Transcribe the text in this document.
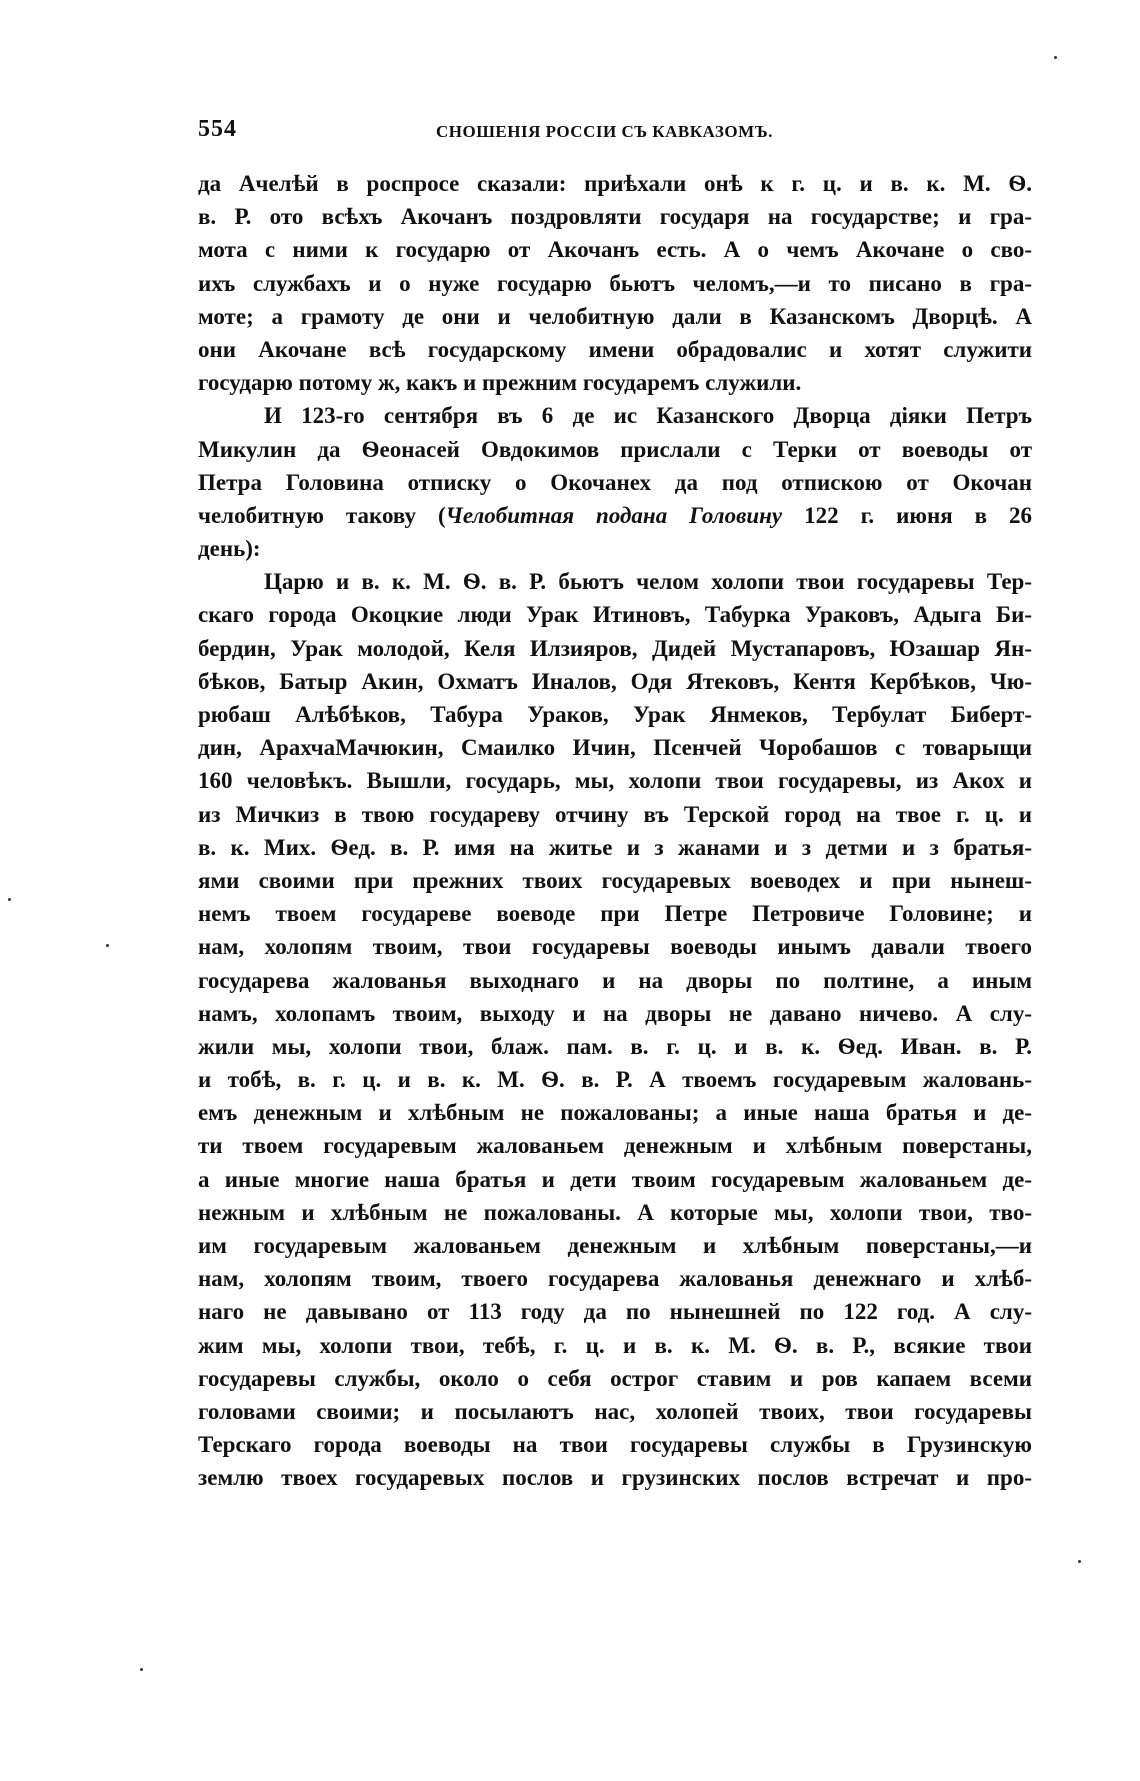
554	СНОШЕНІЯ РОССІИ СЪ КАВКАЗОМЪ.
да Ачелѣй в роспросе сказали: приѣхали онѣ к г. ц. и в. к. М. Ѳ.
в. Р. ото всѣхъ Акочанъ поздровляти государя на государстве; и гра-
мота с ними к государю от Акочанъ есть. А о чемъ Акочане о сво-
ихъ службахъ и о нуже государю бьютъ челомъ,—и то писано в гра-
моте; а грамоту де они и челобитную дали в Казанскомъ Дворцѣ. А
они Акочане всѣ государскому имени обрадовалис и хотят служити
государю потому ж, какъ и прежним государемъ служили.
И 123-го сентября въ 6 де ис Казанского Дворца діяки Петръ
Микулин да Ѳеонасей Овдокимов прислали с Терки от воеводы от
Петра Головина отписку о Окочанех да под отпискою от Окочан
челобитную такову (Челобитная подана Головину 122 г. июня в 26
день):
Царю и в. к. М. Ѳ. в. Р. бьютъ челом холопи твои государевы Тер-
скаго города Окоцкие люди Урак Итиновъ, Табурка Ураковъ, Адыга Би-
бердин, Урак молодой, Келя Илзияров, Дидей Мустапаровъ, Юзашар Ян-
бѣков, Батыр Акин, Охматъ Иналов, Одя Ятековъ, Кентя Кербѣков, Чю-
рюбаш Алѣбѣков, Табура Ураков, Урак Янмеков, Тербулат Биберт-
дин, АрахчаМачюкин, Смаилко Ичин, Псенчей Чоробашов с товарыщи
160 человѣкъ. Вышли, государь, мы, холопи твои государевы, из Акох и
из Мичкиз в твою государеву отчину въ Терской город на твое г. ц. и
в. к. Мих. Ѳед. в. Р. имя на житье и з жанами и з детми и з братья-
ями своими при прежних твоих государевых воеводех и при нынеш-
немъ твоем государеве воеводе при Петре Петровиче Головине; и
нам, холопям твоим, твои государевы воеводы инымъ давали твоего
государева жалованья выходнаго и на дворы по полтине, а иным
намъ, холопамъ твоим, выходу и на дворы не давано ничево. А слу-
жили мы, холопи твои, блаж. пам. в. г. ц. и в. к. Ѳед. Иван. в. Р.
и тобѣ, в. г. ц. и в. к. М. Ѳ. в. Р. А твоемъ государевым жаловань-
емъ денежным и хлѣбным не пожалованы; а иные наша братья и де-
ти твоем государевым жалованьем денежным и хлѣбным поверстаны,
а иные многие наша братья и дети твоим государевым жалованьем де-
нежным и хлѣбным не пожалованы. А которые мы, холопи твои, тво-
им государевым жалованьем денежным и хлѣбным поверстаны,—и
нам, холопям твоим, твоего государева жалованья денежнаго и хлѣб-
наго не давывано от 113 году да по нынешней по 122 год. А слу-
жим мы, холопи твои, тебѣ, г. ц. и в. к. М. Ѳ. в. Р., всякие твои
государевы службы, около о себя острог ставим и ров капаем всеми
головами своими; и посылаютъ нас, холопей твоих, твои государевы
Терскаго города воеводы на твои государевы службы в Грузинскую
землю твоех государевых послов и грузинских послов встречат и про-
